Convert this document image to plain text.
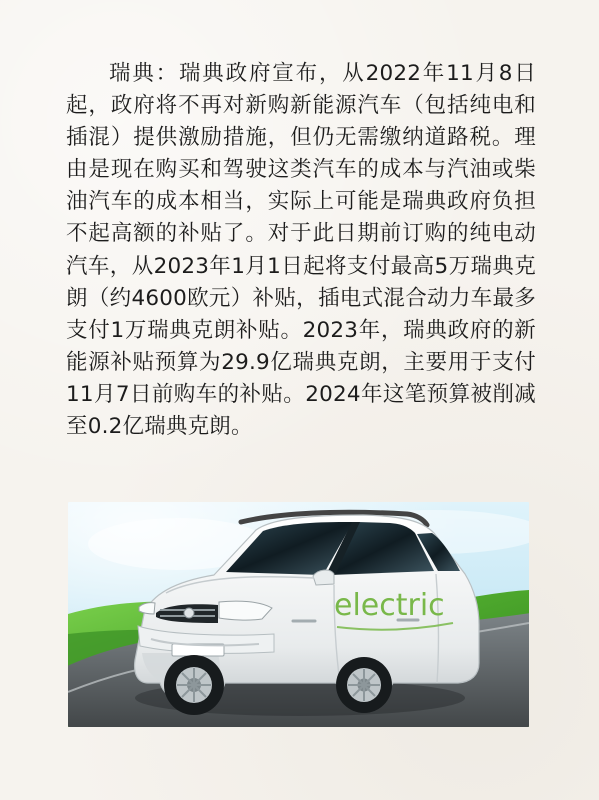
瑞典：瑞典政府宣布，从2022年11月8日起，政府将不再对新购新能源汽车（包括纯电和插混）提供激励措施，但仍无需缴纳道路税。理由是现在购买和驾驶这类汽车的成本与汽油或柴油汽车的成本相当，实际上可能是瑞典政府负担不起高额的补贴了。对于此日期前订购的纯电动汽车，从2023年1月1日起将支付最高5万瑞典克朗（约4600欧元）补贴，插电式混合动力车最多支付1万瑞典克朗补贴。2023年，瑞典政府的新能源补贴预算为29.9亿瑞典克朗，主要用于支付11月7日前购车的补贴。2024年这笔预算被削减至0.2亿瑞典克朗。
electric
